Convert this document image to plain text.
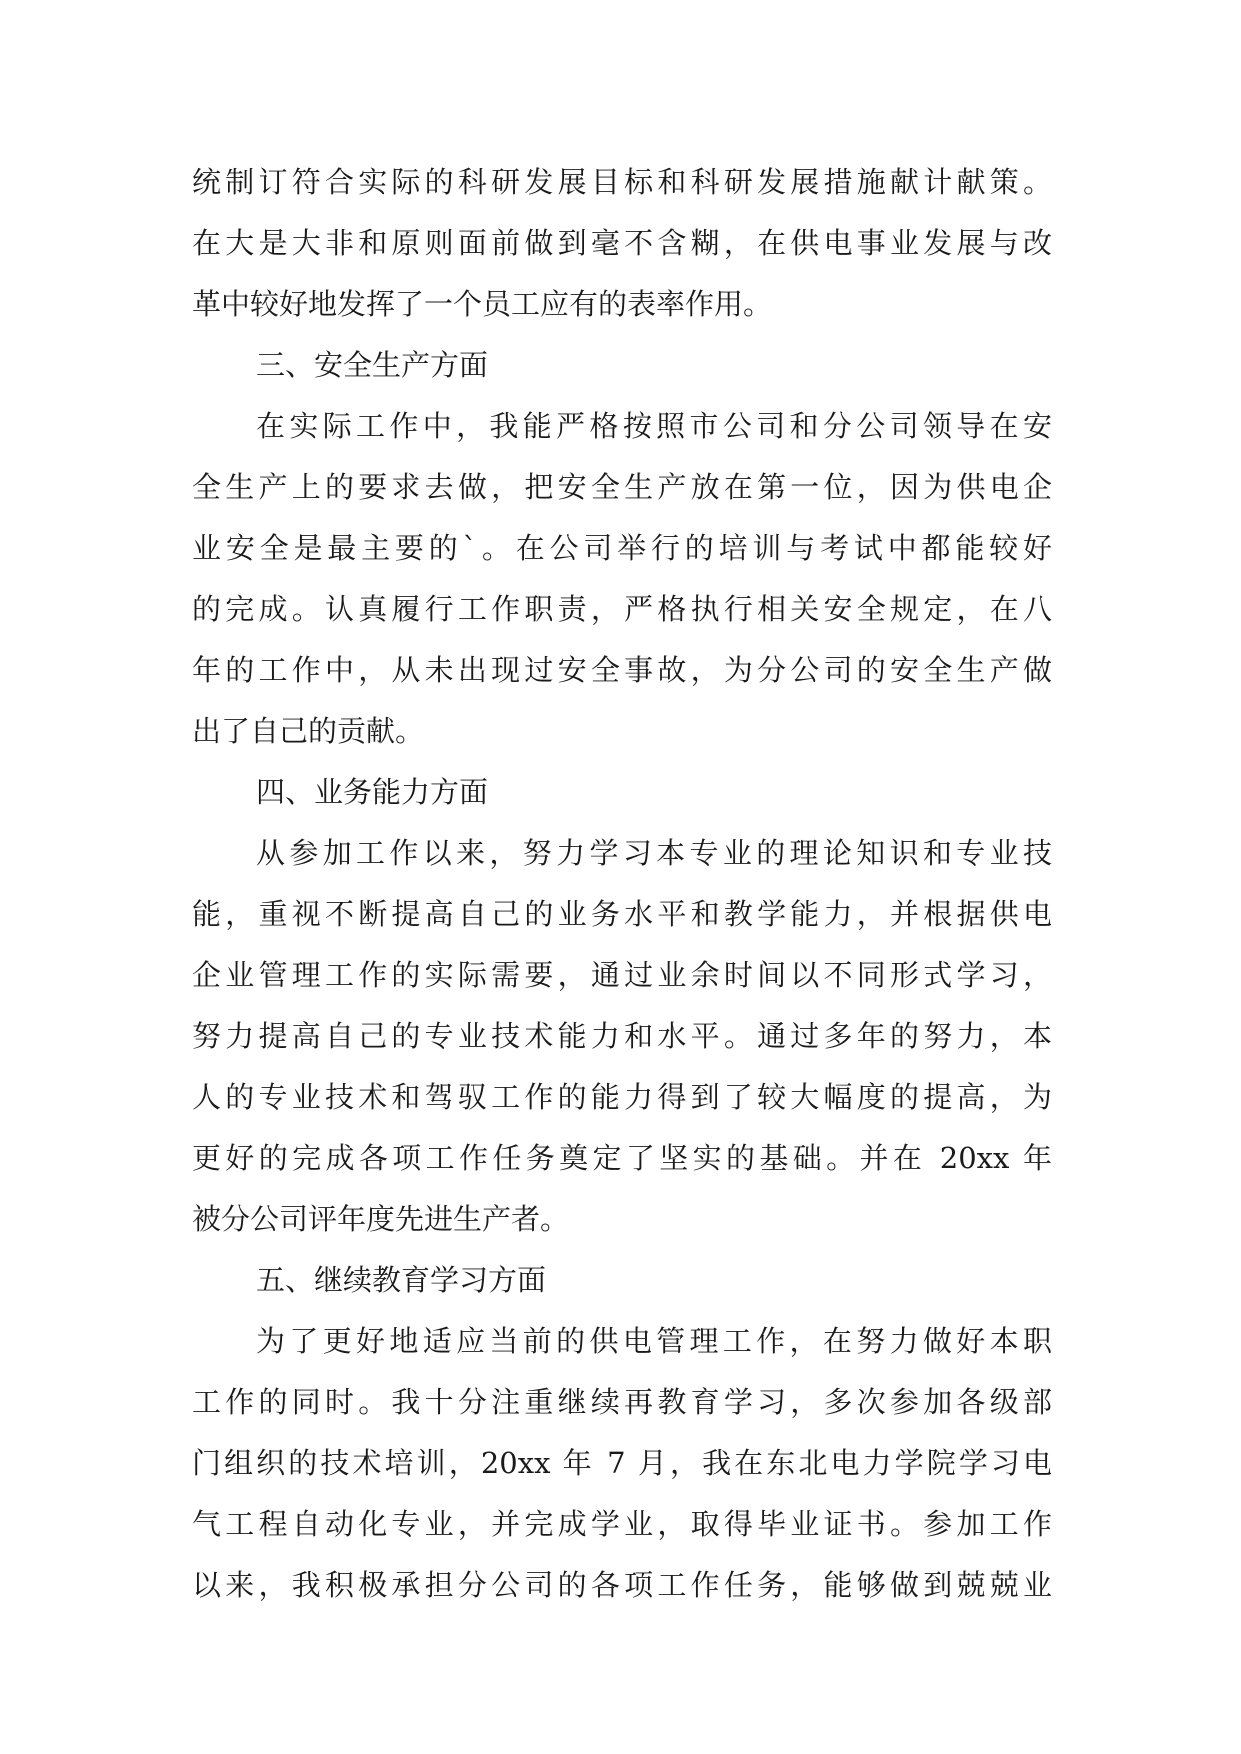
统制订符合实际的科研发展目标和科研发展措施献计献策。
在大是大非和原则面前做到毫不含糊，在供电事业发展与改
革中较好地发挥了一个员工应有的表率作用。
三、安全生产方面
在实际工作中，我能严格按照市公司和分公司领导在安
全生产上的要求去做，把安全生产放在第一位，因为供电企
业安全是最主要的`。在公司举行的培训与考试中都能较好
的完成。认真履行工作职责，严格执行相关安全规定，在八
年的工作中，从未出现过安全事故，为分公司的安全生产做
出了自己的贡献。
四、业务能力方面
从参加工作以来，努力学习本专业的理论知识和专业技
能，重视不断提高自己的业务水平和教学能力，并根据供电
企业管理工作的实际需要，通过业余时间以不同形式学习，
努力提高自己的专业技术能力和水平。通过多年的努力，本
人的专业技术和驾驭工作的能力得到了较大幅度的提高，为
更好的完成各项工作任务奠定了坚实的基础。并在 20xx 年
被分公司评年度先进生产者。
五、继续教育学习方面
为了更好地适应当前的供电管理工作，在努力做好本职
工作的同时。我十分注重继续再教育学习，多次参加各级部
门组织的技术培训，20xx 年 7 月，我在东北电力学院学习电
气工程自动化专业，并完成学业，取得毕业证书。参加工作
以来，我积极承担分公司的各项工作任务，能够做到兢兢业
